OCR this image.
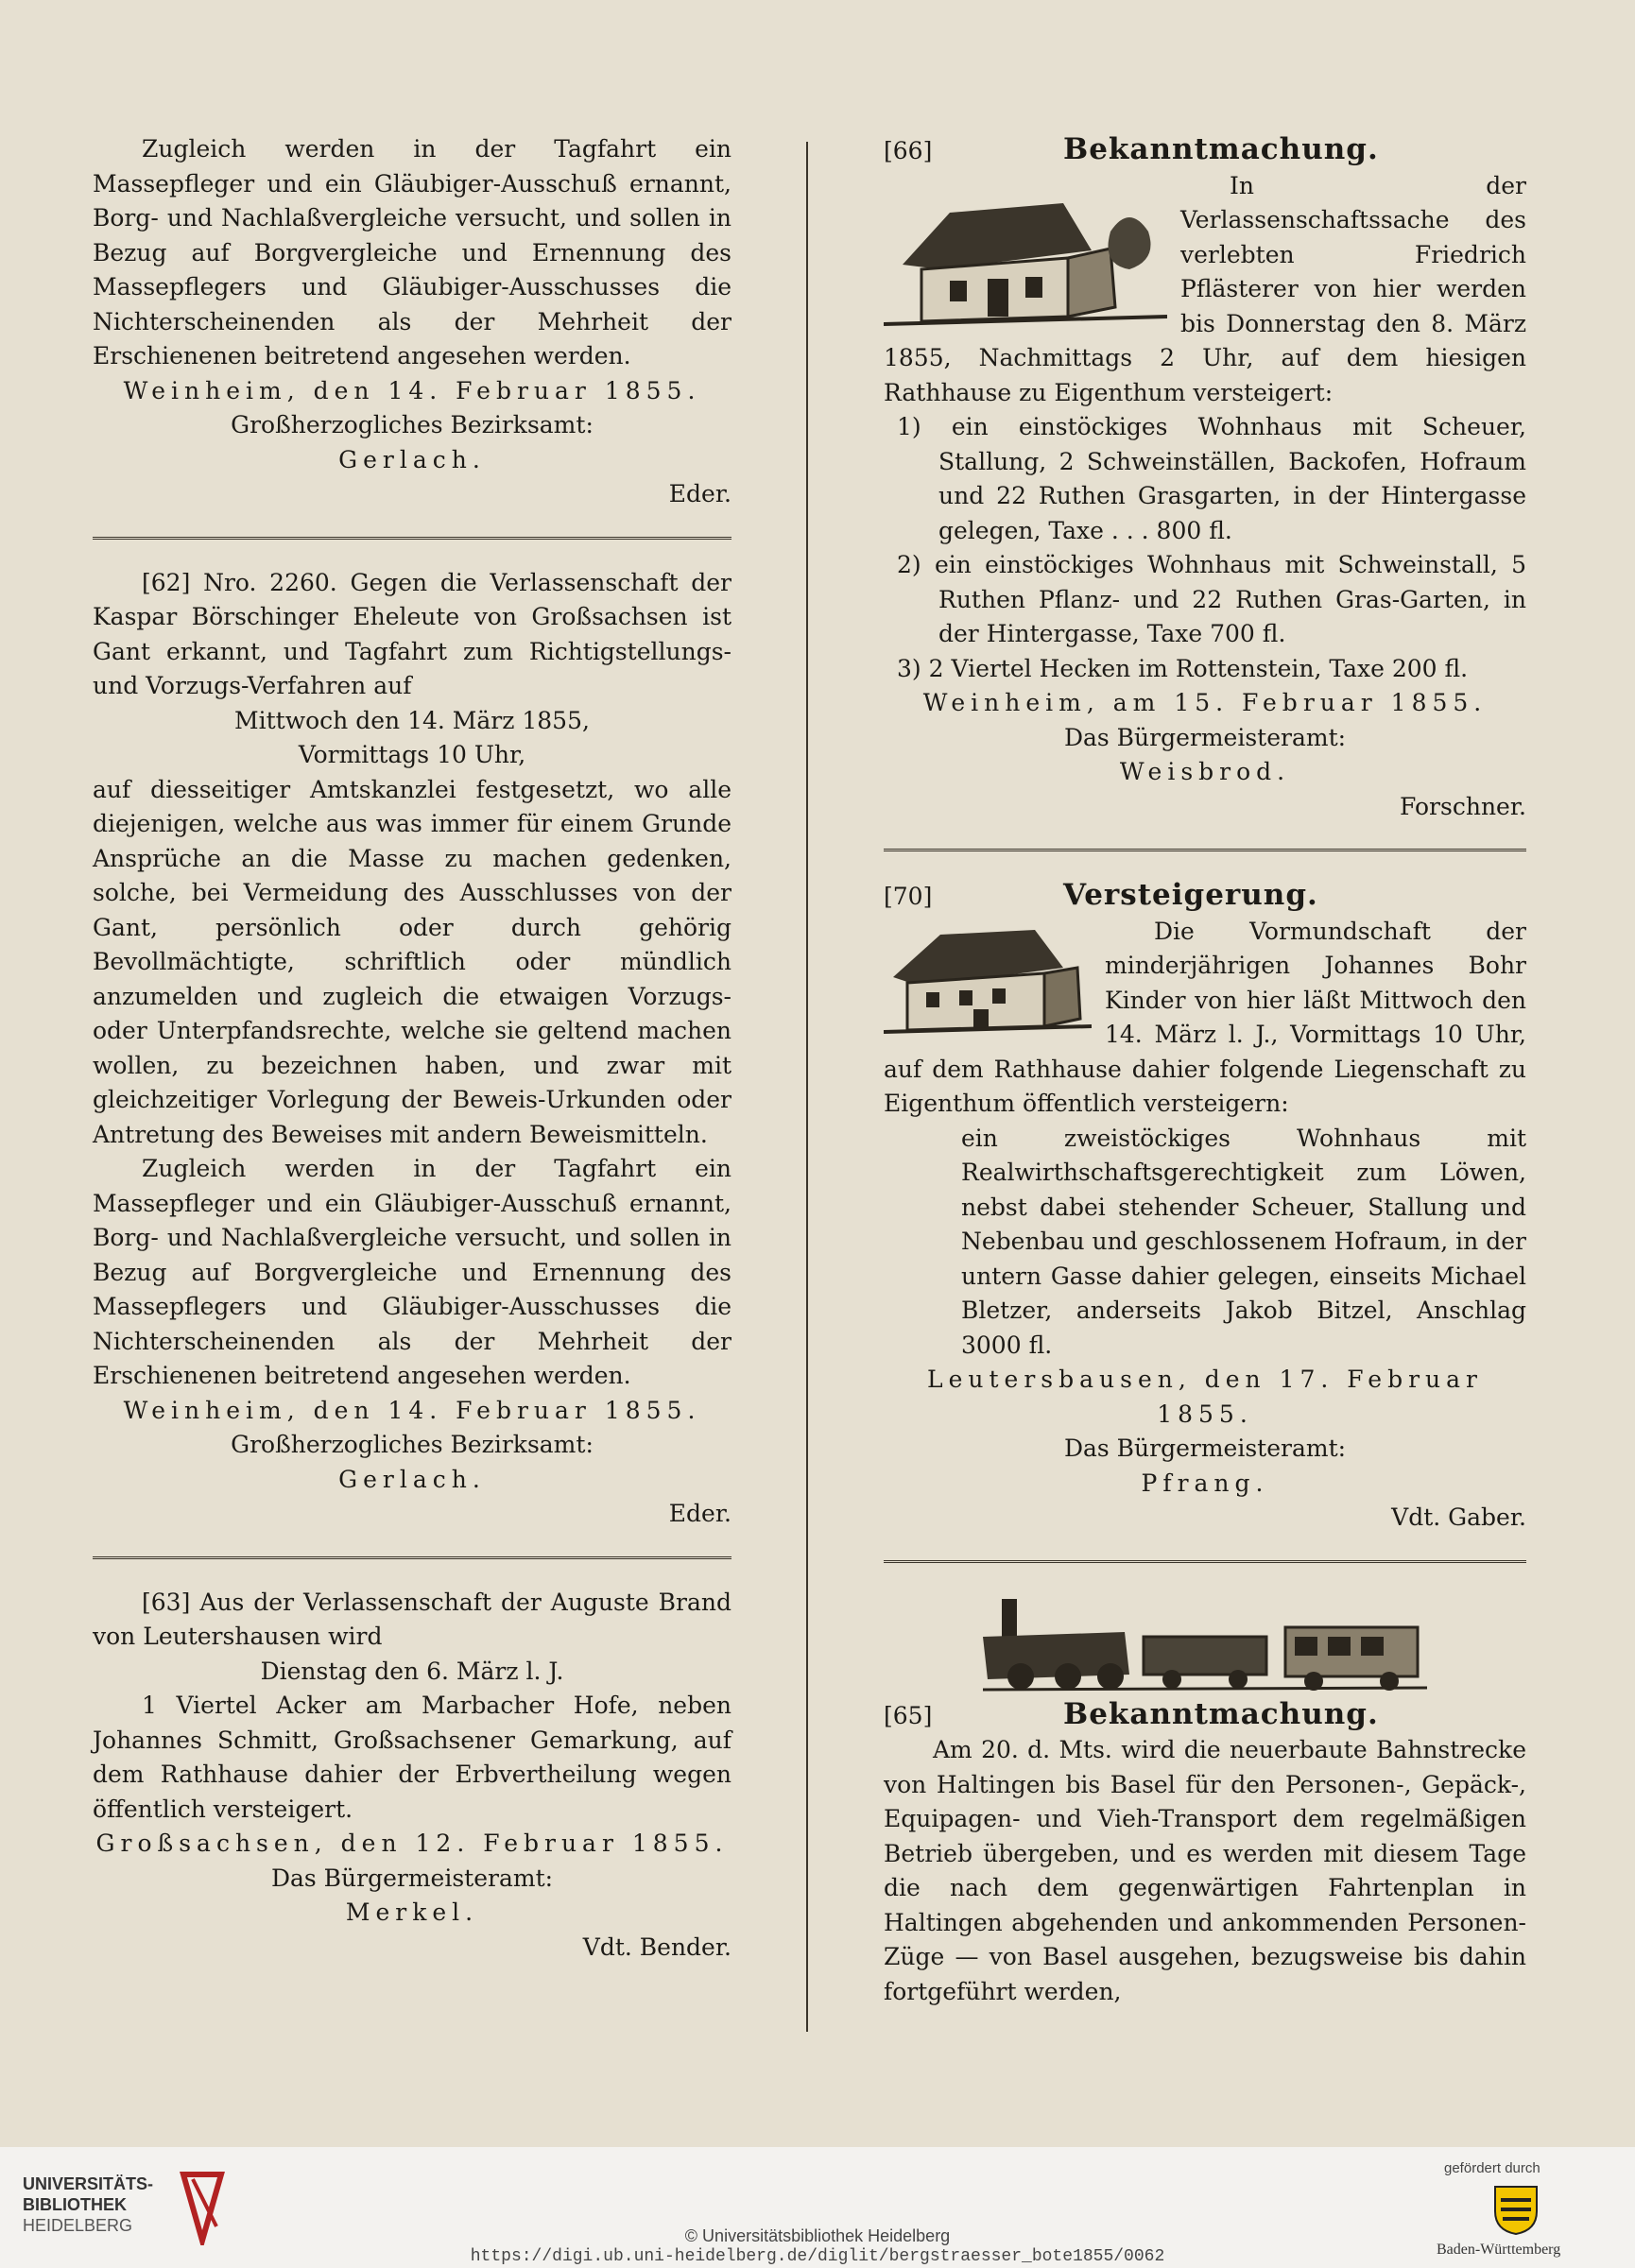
Zugleich werden in der Tagfahrt ein Massepfleger und ein Gläubiger-Ausschuß ernannt, Borg- und Nachlaßvergleiche versucht, und sollen in Bezug auf Borgvergleiche und Ernennung des Massepflegers und Gläubiger-Ausschusses die Nichterscheinenden als der Mehrheit der Erschienenen beitretend angesehen werden.

Weinheim, den 14. Februar 1855.

Großherzogliches Bezirksamt:

Gerlach.

Eder.

[62] Nro. 2260. Gegen die Verlassenschaft der Kaspar Börschinger Eheleute von Großsachsen ist Gant erkannt, und Tagfahrt zum Richtigstellungs- und Vorzugs-Verfahren auf

Mittwoch den 14. März 1855,

Vormittags 10 Uhr,

auf diesseitiger Amtskanzlei festgesetzt, wo alle diejenigen, welche aus was immer für einem Grunde Ansprüche an die Masse zu machen gedenken, solche, bei Vermeidung des Ausschlusses von der Gant, persönlich oder durch gehörig Bevollmächtigte, schriftlich oder mündlich anzumelden und zugleich die etwaigen Vorzugs- oder Unterpfandsrechte, welche sie geltend machen wollen, zu bezeichnen haben, und zwar mit gleichzeitiger Vorlegung der Beweis-Urkunden oder Antretung des Beweises mit andern Beweismitteln.

Zugleich werden in der Tagfahrt ein Massepfleger und ein Gläubiger-Ausschuß ernannt, Borg- und Nachlaßvergleiche versucht, und sollen in Bezug auf Borgvergleiche und Ernennung des Massepflegers und Gläubiger-Ausschusses die Nichterscheinenden als der Mehrheit der Erschienenen beitretend angesehen werden.

Weinheim, den 14. Februar 1855.

Großherzogliches Bezirksamt:

Gerlach.

Eder.

[63] Aus der Verlassenschaft der Auguste Brand von Leutershausen wird

Dienstag den 6. März l. J.

1 Viertel Acker am Marbacher Hofe, neben Johannes Schmitt, Großsachsener Gemarkung, auf dem Rathhause dahier der Erbvertheilung wegen öffentlich versteigert.

Großsachsen, den 12. Februar 1855.

Das Bürgermeisteramt:

Merkel.

Vdt. Bender.

[66]	Bekanntmachung.

In der Verlassenschaftssache des verlebten Friedrich Pflästerer von hier werden bis Donnerstag den 8. März 1855, Nachmittags 2 Uhr, auf dem hiesigen Rathhause zu Eigenthum versteigert:

1) ein einstöckiges Wohnhaus mit Scheuer, Stallung, 2 Schweinställen, Backofen, Hofraum und 22 Ruthen Grasgarten, in der Hintergasse gelegen, Taxe . . . 800 fl.

2) ein einstöckiges Wohnhaus mit Schweinstall, 5 Ruthen Pflanz- und 22 Ruthen Gras-Garten, in der Hintergasse, Taxe 700 fl.

3) 2 Viertel Hecken im Rottenstein, Taxe 200 fl.

Weinheim, am 15. Februar 1855.

Das Bürgermeisteramt:

Weisbrod.

Forschner.

[70]	Versteigerung.

Die Vormundschaft der minderjährigen Johannes Bohr Kinder von hier läßt Mittwoch den 14. März l. J., Vormittags 10 Uhr, auf dem Rathhause dahier folgende Liegenschaft zu Eigenthum öffentlich versteigern:

ein zweistöckiges Wohnhaus mit Realwirthschaftsgerechtigkeit zum Löwen, nebst dabei stehender Scheuer, Stallung und Nebenbau und geschlossenem Hofraum, in der untern Gasse dahier gelegen, einseits Michael Bletzer, anderseits Jakob Bitzel, Anschlag 3000 fl.

Leutersbausen, den 17. Februar 1855.

Das Bürgermeisteramt:

Pfrang.

Vdt. Gaber.

[65]	Bekanntmachung.

Am 20. d. Mts. wird die neuerbaute Bahnstrecke von Haltingen bis Basel für den Personen-, Gepäck-, Equipagen- und Vieh-Transport dem regelmäßigen Betrieb übergeben, und es werden mit diesem Tage die nach dem gegenwärtigen Fahrtenplan in Haltingen abgehenden und ankommenden Personen-Züge — von Basel ausgehen, bezugsweise bis dahin fortgeführt werden,

UNIVERSITÄTS-
BIBLIOTHEK
HEIDELBERG
© Universitätsbibliothek Heidelberg
https://digi.ub.uni-heidelberg.de/diglit/bergstraesser_bote1855/0062
gefördert durch
Baden-Württemberg
